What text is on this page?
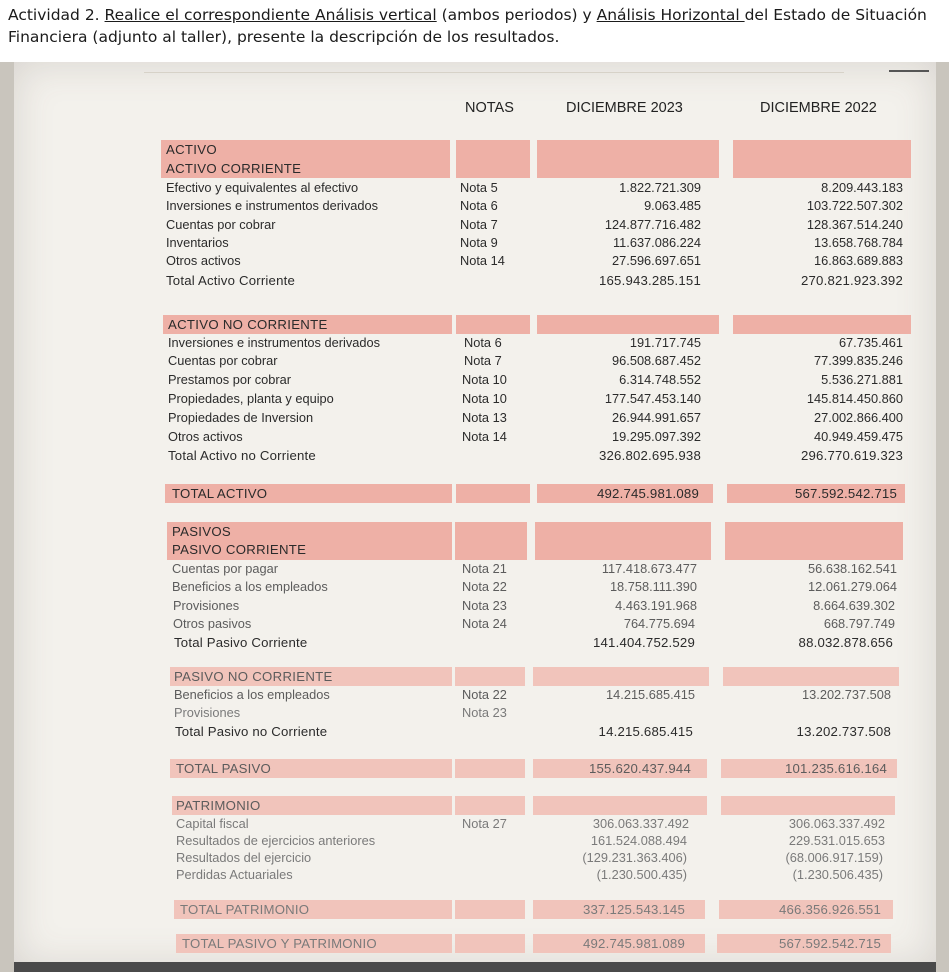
Actividad 2. Realice el correspondiente Análisis vertical (ambos periodos) y Análisis Horizontal del Estado de Situación Financiera (adjunto al taller), presente la descripción de los resultados.
NOTAS	DICIEMBRE 2023	DICIEMBRE 2022
ACTIVO
ACTIVO CORRIENTE
Efectivo y equivalentes al efectivo	Nota 5	1.822.721.309	8.209.443.183
Inversiones e instrumentos derivados	Nota 6	9.063.485	103.722.507.302
Cuentas por cobrar	Nota 7	124.877.716.482	128.367.514.240
Inventarios	Nota 9	11.637.086.224	13.658.768.784
Otros activos	Nota 14	27.596.697.651	16.863.689.883
Total Activo Corriente	165.943.285.151	270.821.923.392
ACTIVO NO CORRIENTE
Inversiones e instrumentos derivados	Nota 6	191.717.745	67.735.461
Cuentas por cobrar	Nota 7	96.508.687.452	77.399.835.246
Prestamos por cobrar	Nota 10	6.314.748.552	5.536.271.881
Propiedades, planta y equipo	Nota 10	177.547.453.140	145.814.450.860
Propiedades de Inversion	Nota 13	26.944.991.657	27.002.866.400
Otros activos	Nota 14	19.295.097.392	40.949.459.475
Total Activo no Corriente	326.802.695.938	296.770.619.323
TOTAL ACTIVO	492.745.981.089	567.592.542.715
PASIVOS
PASIVO CORRIENTE
Cuentas por pagar	Nota 21	117.418.673.477	56.638.162.541
Beneficios a los empleados	Nota 22	18.758.111.390	12.061.279.064
Provisiones	Nota 23	4.463.191.968	8.664.639.302
Otros pasivos	Nota 24	764.775.694	668.797.749
Total Pasivo Corriente	141.404.752.529	88.032.878.656
PASIVO NO CORRIENTE
Beneficios a los empleados	Nota 22	14.215.685.415	13.202.737.508
Provisiones	Nota 23
Total Pasivo no Corriente	14.215.685.415	13.202.737.508
TOTAL PASIVO	155.620.437.944	101.235.616.164
PATRIMONIO
Capital fiscal	Nota 27	306.063.337.492	306.063.337.492
Resultados de ejercicios anteriores	161.524.088.494	229.531.015.653
Resultados del ejercicio	(129.231.363.406)	(68.006.917.159)
Perdidas Actuariales	(1.230.500.435)	(1.230.506.435)
TOTAL PATRIMONIO	337.125.543.145	466.356.926.551
TOTAL PASIVO Y PATRIMONIO	492.745.981.089	567.592.542.715
